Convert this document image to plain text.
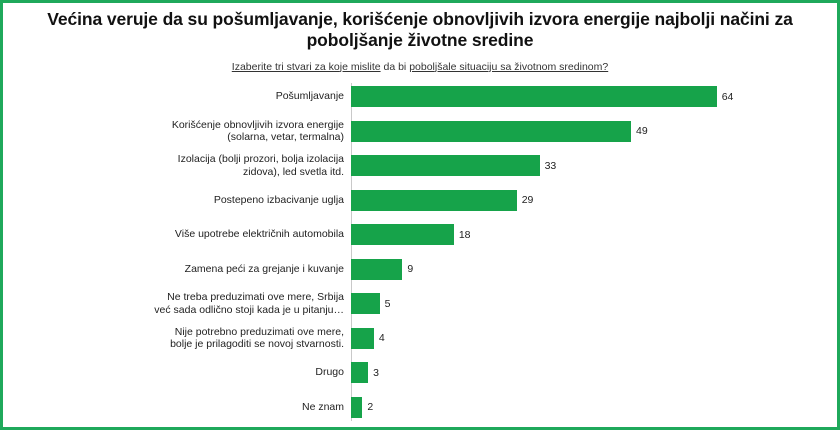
Većina veruje da su pošumljavanje, korišćenje obnovljivih izvora energije najbolji načini za poboljšanje životne sredine
Izaberite tri stvari za koje mislite da bi poboljšale situaciju sa životnom sredinom?
Pošumljavanje	64
Korišćenje obnovljivih izvora energije
(solarna, vetar, termalna)	49
Izolacija (bolji prozori, bolja izolacija
zidova), led svetla itd.	33
Postepeno izbacivanje uglja	29
Više upotrebe električnih automobila	18
Zamena peći za grejanje i kuvanje	9
Ne treba preduzimati ove mere, Srbija
već sada odlično stoji kada je u pitanju…	5
Nije potrebno preduzimati ove mere,
bolje je prilagoditi se novoj stvarnosti.	4
Drugo	3
Ne znam 2
